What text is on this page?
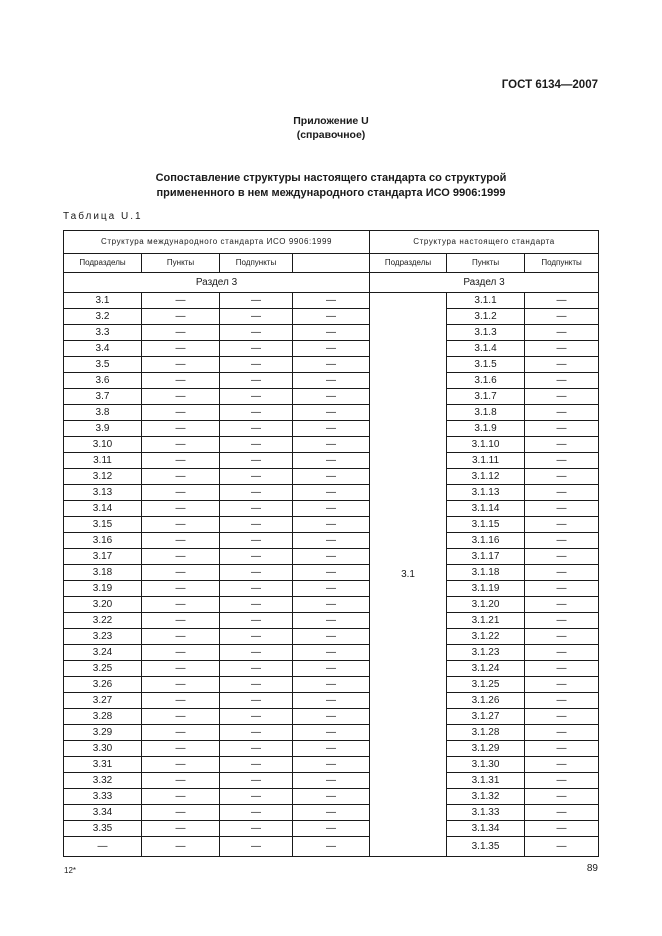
ГОСТ 6134—2007
Приложение U
(справочное)
Сопоставление структуры настоящего стандарта со структурой
примененного в нем международного стандарта ИСО 9906:1999
Таблица U.1
Структура международного стандарта ИСО 9906:1999				Структура настоящего стандарта		
Подразделы	Пункты	Подпункты		Подразделы	Пункты	Подпункты
Раздел 3				Раздел 3		
3.1	—	—	—	3.1	3.1.1	—
3.2	—	—	—		3.1.2	—
3.3	—	—	—		3.1.3	—
3.4	—	—	—		3.1.4	—
3.5	—	—	—		3.1.5	—
3.6	—	—	—		3.1.6	—
3.7	—	—	—		3.1.7	—
3.8	—	—	—		3.1.8	—
3.9	—	—	—		3.1.9	—
3.10	—	—	—		3.1.10	—
3.11	—	—	—		3.1.11	—
3.12	—	—	—		3.1.12	—
3.13	—	—	—		3.1.13	—
3.14	—	—	—		3.1.14	—
3.15	—	—	—		3.1.15	—
3.16	—	—	—		3.1.16	—
3.17	—	—	—		3.1.17	—
3.18	—	—	—		3.1.18	—
3.19	—	—	—		3.1.19	—
3.20	—	—	—		3.1.20	—
3.22	—	—	—		3.1.21	—
3.23	—	—	—		3.1.22	—
3.24	—	—	—		3.1.23	—
3.25	—	—	—		3.1.24	—
3.26	—	—	—		3.1.25	—
3.27	—	—	—		3.1.26	—
3.28	—	—	—		3.1.27	—
3.29	—	—	—		3.1.28	—
3.30	—	—	—		3.1.29	—
3.31	—	—	—		3.1.30	—
3.32	—	—	—		3.1.31	—
3.33	—	—	—		3.1.32	—
3.34	—	—	—		3.1.33	—
3.35	—	—	—		3.1.34	—
—	—	—	—		3.1.35	—
12*	89
